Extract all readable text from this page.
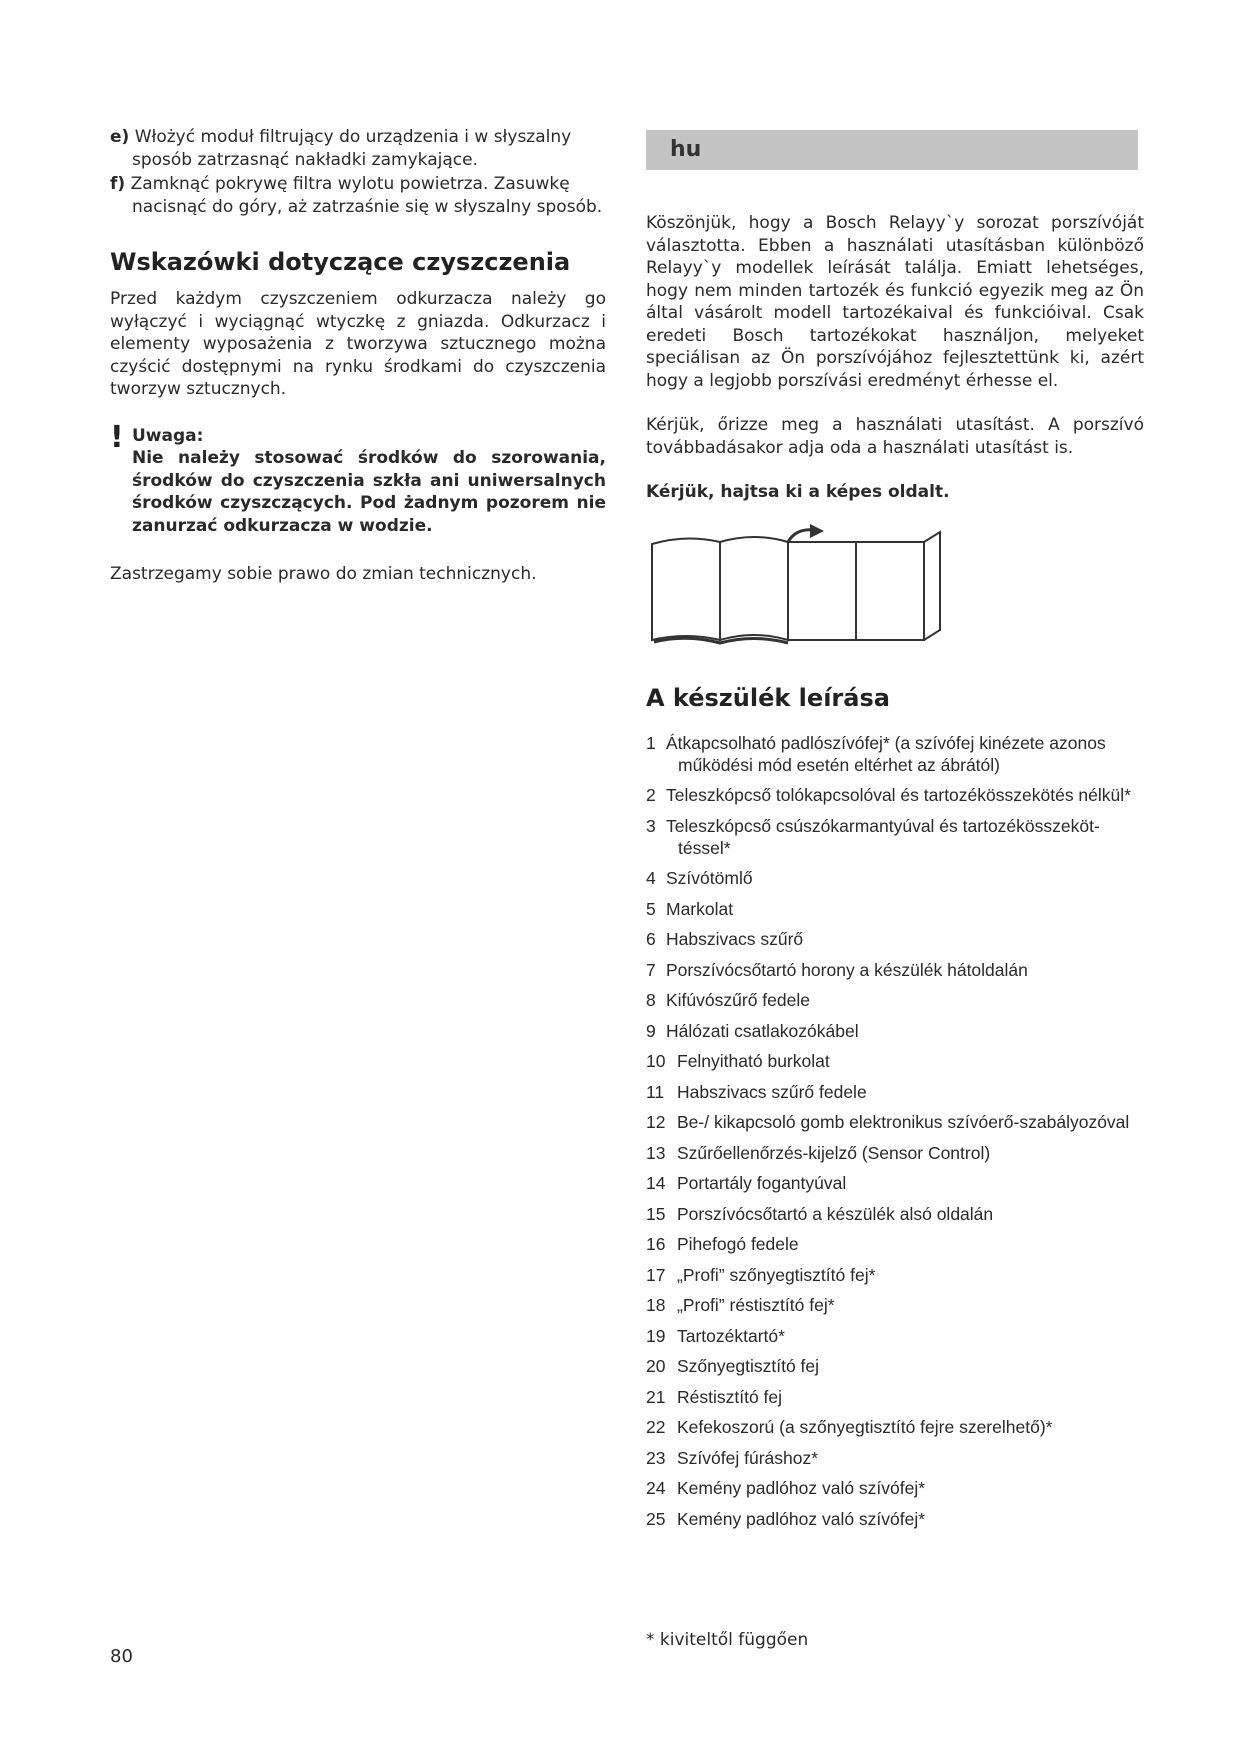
e) Włożyć moduł filtrujący do urządzenia i w słyszalny sposób zatrzasnąć nakładki zamykające.

f) Zamknąć pokrywę filtra wylotu powietrza. Zasuwkę nacisnąć do góry, aż zatrzaśnie się w słyszalny sposób.

Wskazówki dotyczące czyszczenia

Przed każdym czyszczeniem odkurzacza należy go wyłączyć i wyciągnąć wtyczkę z gniazda. Odkurzacz i elementy wyposażenia z tworzywa sztucznego można czyścić dostępnymi na rynku środkami do czyszczenia tworzyw sztucznych.

! Uwaga:
Nie należy stosować środków do szorowania, środków do czyszczenia szkła ani uniwersalnych środków czyszczących. Pod żadnym pozorem nie zanurzać odkurzacza w wodzie.

Zastrzegamy sobie prawo do zmian technicznych.

hu

Köszönjük, hogy a Bosch Relayy`y sorozat porszívóját választotta. Ebben a használati utasításban különböző Relayy`y modellek leírását találja. Emiatt lehetséges, hogy nem minden tartozék és funkció egyezik meg az Ön által vásárolt modell tartozékaival és funkcióival. Csak eredeti Bosch tartozékokat használjon, melyeket speciálisan az Ön porszívójához fejlesztettünk ki, azért hogy a legjobb porszívási eredményt érhesse el.

Kérjük, őrizze meg a használati utasítást. A porszívó továbbadásakor adja oda a használati utasítást is.

Kérjük, hajtsa ki a képes oldalt.

A készülék leírása
1 Átkapcsolható padlószívófej* (a szívófej kinézete azonos működési mód esetén eltérhet az ábrától)
2 Teleszkópcső tolókapcsolóval és tartozékösszekötés nélkül*
3 Teleszkópcső csúszókarmantyúval és tartozékösszeköttéssel*
4 Szívótömlő
5 Markolat
6 Habszivacs szűrő
7 Porszívócsőtartó horony a készülék hátoldalán
8 Kifúvószűrő fedele
9 Hálózati csatlakozókábel
10 Felnyitható burkolat
11 Habszivacs szűrő fedele
12 Be-/ kikapcsoló gomb elektronikus szívóerő-szabályozóval
13 Szűrőellenőrzés-kijelző (Sensor Control)
14 Portartály fogantyúval
15 Porszívócsőtartó a készülék alsó oldalán
16 Pihefogó fedele
17 „Profi” szőnyegtisztító fej*
18 „Profi” réstisztító fej*
19 Tartozéktartó*
20 Szőnyegtisztító fej
21 Réstisztító fej
22 Kefekoszorú (a szőnyegtisztító fejre szerelhető)*
23 Szívófej fúráshoz*
24 Kemény padlóhoz való szívófej*
25 Kemény padlóhoz való szívófej*
* kiviteltől függően
80
